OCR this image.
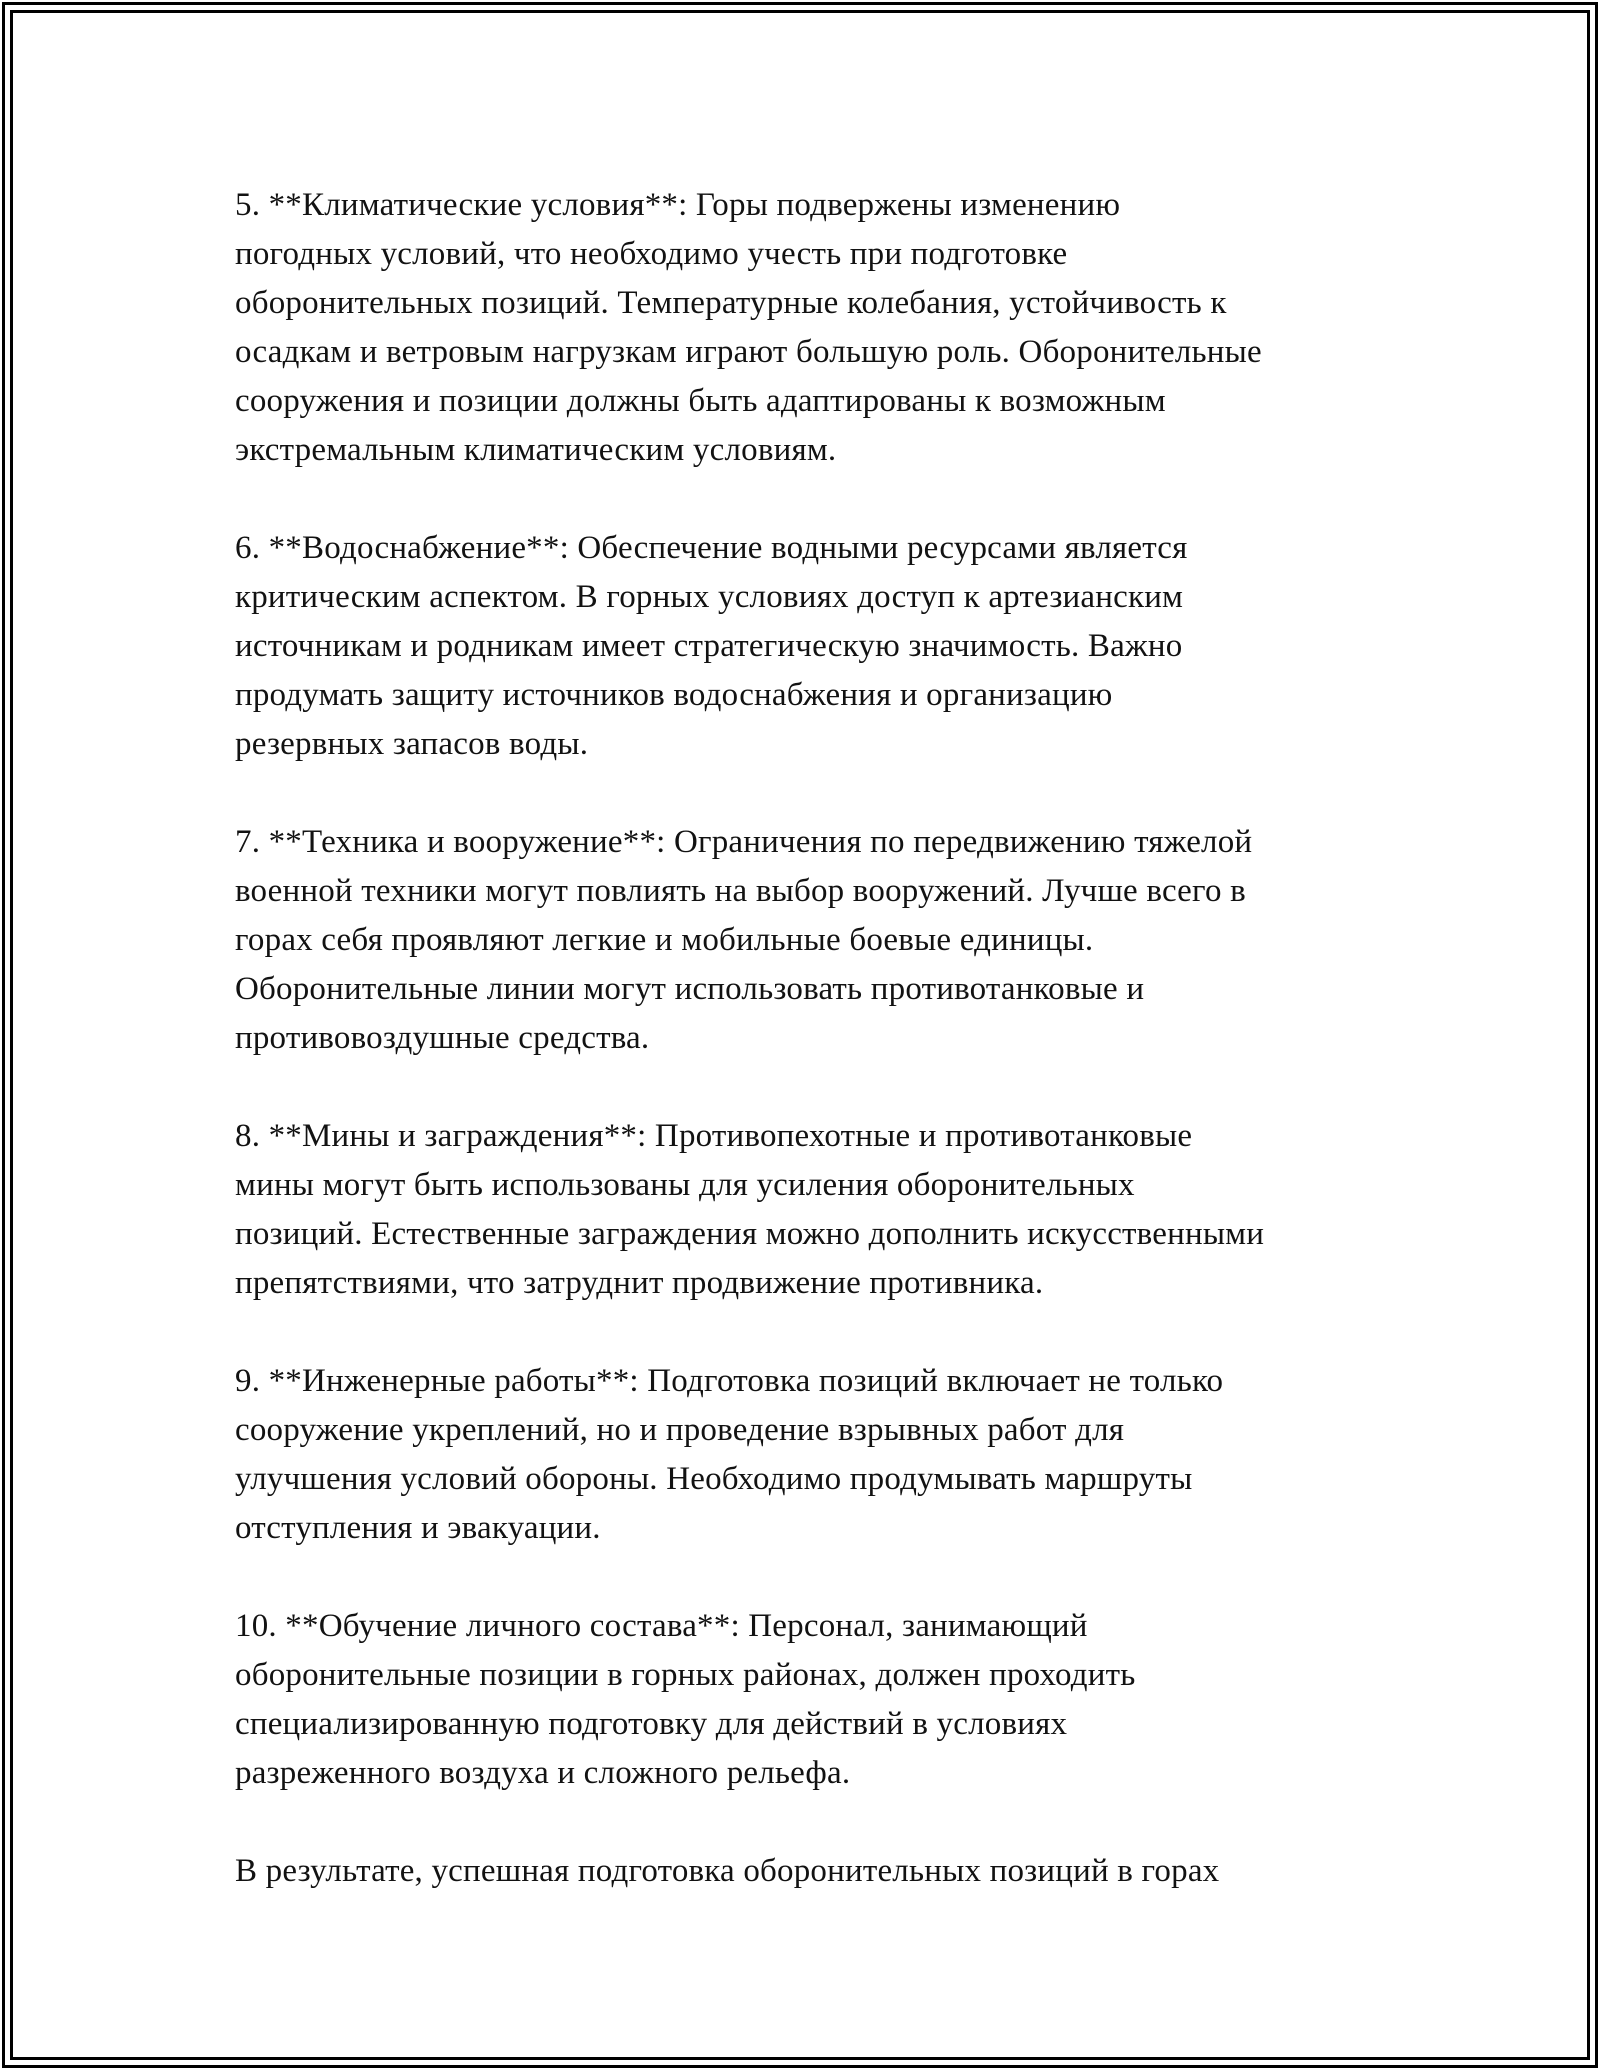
5. **Климатические условия**: Горы подвержены изменению
погодных условий, что необходимо учесть при подготовке
оборонительных позиций. Температурные колебания, устойчивость к
осадкам и ветровым нагрузкам играют большую роль. Оборонительные
сооружения и позиции должны быть адаптированы к возможным
экстремальным климатическим условиям.

6. **Водоснабжение**: Обеспечение водными ресурсами является
критическим аспектом. В горных условиях доступ к артезианским
источникам и родникам имеет стратегическую значимость. Важно
продумать защиту источников водоснабжения и организацию
резервных запасов воды.

7. **Техника и вооружение**: Ограничения по передвижению тяжелой
военной техники могут повлиять на выбор вооружений. Лучше всего в
горах себя проявляют легкие и мобильные боевые единицы.
Оборонительные линии могут использовать противотанковые и
противовоздушные средства.

8. **Мины и заграждения**: Противопехотные и противотанковые
мины могут быть использованы для усиления оборонительных
позиций. Естественные заграждения можно дополнить искусственными
препятствиями, что затруднит продвижение противника.

9. **Инженерные работы**: Подготовка позиций включает не только
сооружение укреплений, но и проведение взрывных работ для
улучшения условий обороны. Необходимо продумывать маршруты
отступления и эвакуации.

10. **Обучение личного состава**: Персонал, занимающий
оборонительные позиции в горных районах, должен проходить
специализированную подготовку для действий в условиях
разреженного воздуха и сложного рельефа.

В результате, успешная подготовка оборонительных позиций в горах
